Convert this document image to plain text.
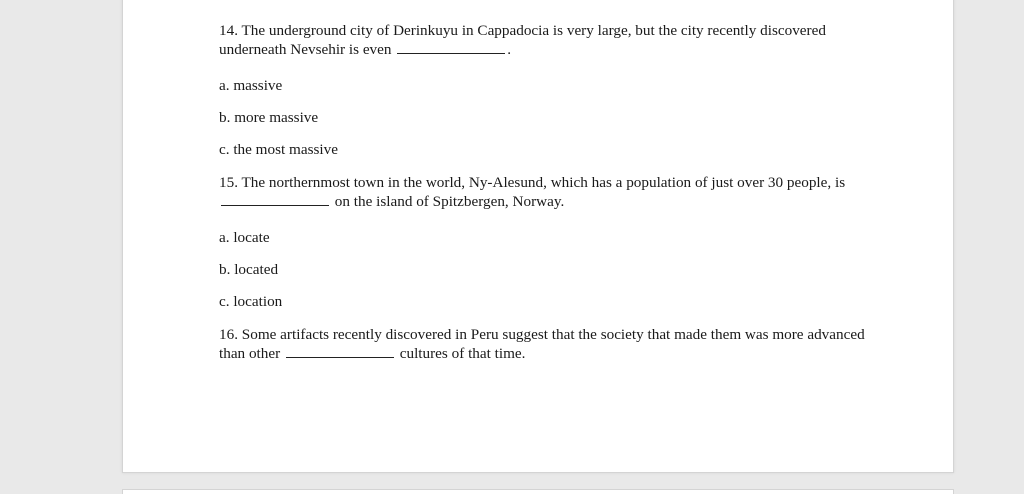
14. The underground city of Derinkuyu in Cappadocia is very large, but the city recently discovered underneath Nevsehir is even	.

a. massive

b. more massive

c. the most massive

15. The northernmost town in the world, Ny-Alesund, which has a population of just over 30 people, is  on the island of Spitzbergen, Norway.

a. locate

b. located

c. location

16. Some artifacts recently discovered in Peru suggest that the society that made them was more advanced than other	cultures of that time.
